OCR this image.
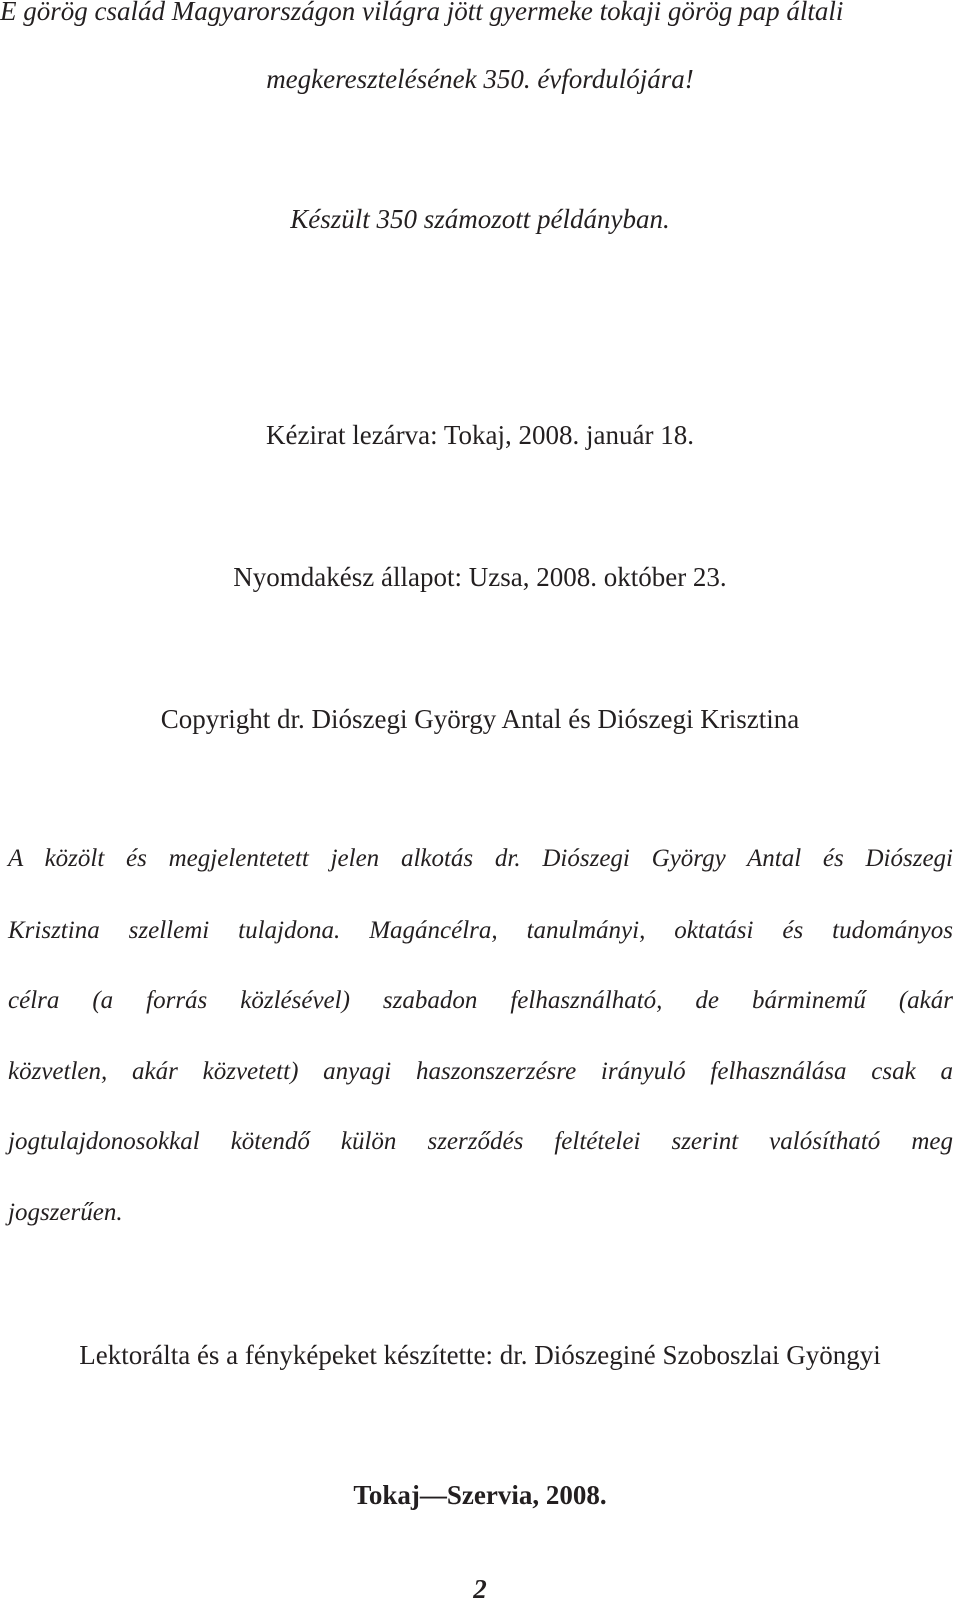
E görög család Magyarországon világra jött gyermeke tokaji görög pap általi
megkeresztelésének 350. évfordulójára!
Készült 350 számozott példányban.
Kézirat lezárva: Tokaj, 2008. január 18.
Nyomdakész állapot: Uzsa, 2008. október 23.
Copyright dr. Diószegi György Antal és Diószegi Krisztina
A közölt és megjelentetett jelen alkotás dr. Diószegi György Antal és Diószegi
Krisztina szellemi tulajdona. Magáncélra, tanulmányi, oktatási és tudományos
célra (a forrás közlésével) szabadon felhasználható, de bárminemű (akár
közvetlen, akár közvetett) anyagi haszonszerzésre irányuló felhasználása csak a
jogtulajdonosokkal kötendő külön szerződés feltételei szerint valósítható meg
jogszerűen.
Lektorálta és a fényképeket készítette: dr. Diószeginé Szoboszlai Gyöngyi
Tokaj—Szervia, 2008.
2
